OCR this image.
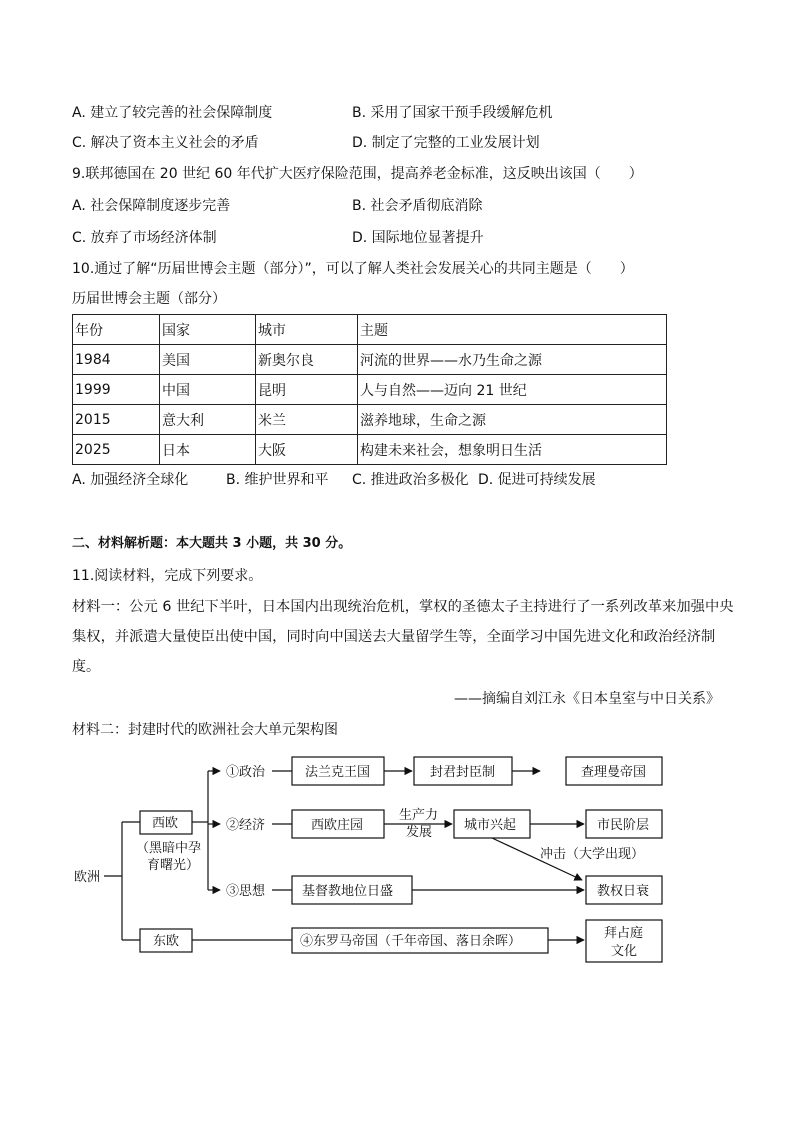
A. 建立了较完善的社会保障制度	B. 采用了国家干预手段缓解危机
C. 解决了资本主义社会的矛盾	D. 制定了完整的工业发展计划
9.联邦德国在 20 世纪 60 年代扩大医疗保险范围，提高养老金标准，这反映出该国（　　）
A. 社会保障制度逐步完善	B. 社会矛盾彻底消除
C. 放弃了市场经济体制	D. 国际地位显著提升
10.通过了解“历届世博会主题（部分）”，可以了解人类社会发展关心的共同主题是（　　）
历届世博会主题（部分）
年份	国家	城市	主题
1984	美国	新奥尔良	河流的世界——水乃生命之源
1999	中国	昆明	人与自然——迈向 21 世纪
2015	意大利	米兰	滋养地球，生命之源
2025	日本	大阪	构建未来社会，想象明日生活
A. 加强经济全球化	B. 维护世界和平 C. 推进政治多极化 D. 促进可持续发展
二、材料解析题：本大题共 3 小题，共 30 分。
11.阅读材料，完成下列要求。
材料一：公元 6 世纪下半叶，日本国内出现统治危机，掌权的圣德太子主持进行了一系列改革来加强中央
集权，并派遣大量使臣出使中国，同时向中国送去大量留学生等，全面学习中国先进文化和政治经济制
度。
——摘编自刘江永《日本皇室与中日关系》
材料二：封建时代的欧洲社会大单元架构图
欧洲
西欧
（黑暗中孕
育曙光）
东欧
①政治
②经济
③思想
法兰克王国	封君封臣制	查理曼帝国
西欧庄园
生产力
发展 城市兴起	市民阶层
冲击（大学出现）
基督教地位日盛	教权日衰
④东罗马帝国（千年帝国、落日余晖）
拜占庭
文化
